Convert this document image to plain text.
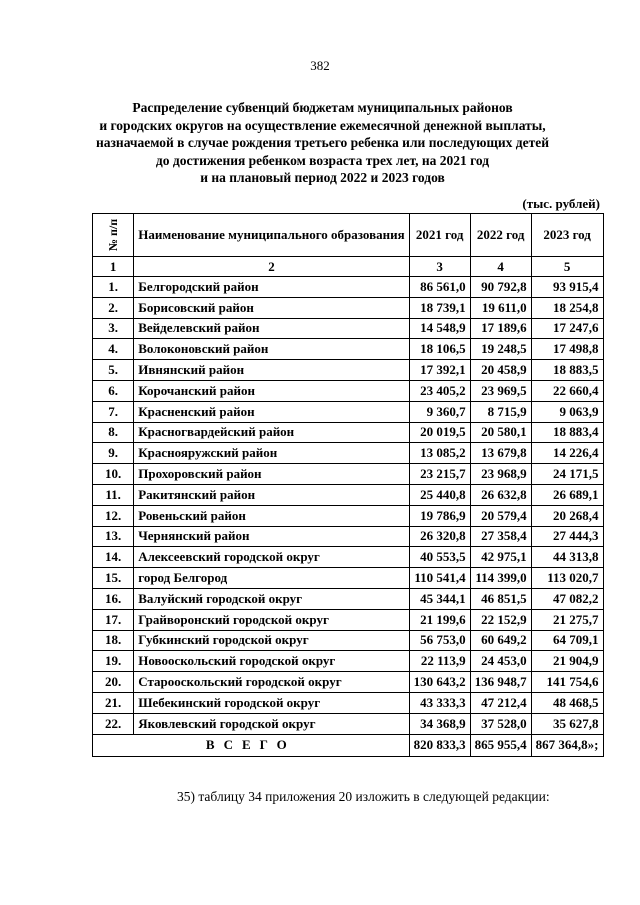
382
Распределение субвенций бюджетам муниципальных районов
и городских округов на осуществление ежемесячной денежной выплаты,
назначаемой в случае рождения третьего ребенка или последующих детей
до достижения ребенком возраста трех лет, на 2021 год
и на плановый период 2022 и 2023 годов
(тыс. рублей)
№ п/п	Наименование муниципального образования	2021 год	2022 год	2023 год
1	2	3	4	5
1.	Белгородский район	86 561,0	90 792,8	93 915,4
2.	Борисовский район	18 739,1	19 611,0	18 254,8
3.	Вейделевский район	14 548,9	17 189,6	17 247,6
4.	Волоконовский район	18 106,5	19 248,5	17 498,8
5.	Ивнянский район	17 392,1	20 458,9	18 883,5
6.	Корочанский район	23 405,2	23 969,5	22 660,4
7.	Красненский район	9 360,7	8 715,9	9 063,9
8.	Красногвардейский район	20 019,5	20 580,1	18 883,4
9.	Краснояружский район	13 085,2	13 679,8	14 226,4
10.	Прохоровский район	23 215,7	23 968,9	24 171,5
11.	Ракитянский район	25 440,8	26 632,8	26 689,1
12.	Ровеньский район	19 786,9	20 579,4	20 268,4
13.	Чернянский район	26 320,8	27 358,4	27 444,3
14.	Алексеевский городской округ	40 553,5	42 975,1	44 313,8
15.	город Белгород	110 541,4	114 399,0	113 020,7
16.	Валуйский городской округ	45 344,1	46 851,5	47 082,2
17.	Грайворонский городской округ	21 199,6	22 152,9	21 275,7
18.	Губкинский городской округ	56 753,0	60 649,2	64 709,1
19.	Новооскольский городской округ	22 113,9	24 453,0	21 904,9
20.	Старооскольский городской округ	130 643,2	136 948,7	141 754,6
21.	Шебекинский городской округ	43 333,3	47 212,4	48 468,5
22.	Яковлевский городской округ	34 368,9	37 528,0	35 627,8
ВСЕГО		820 833,3	865 955,4	867 364,8»;
35) таблицу 34 приложения 20 изложить в следующей редакции:
